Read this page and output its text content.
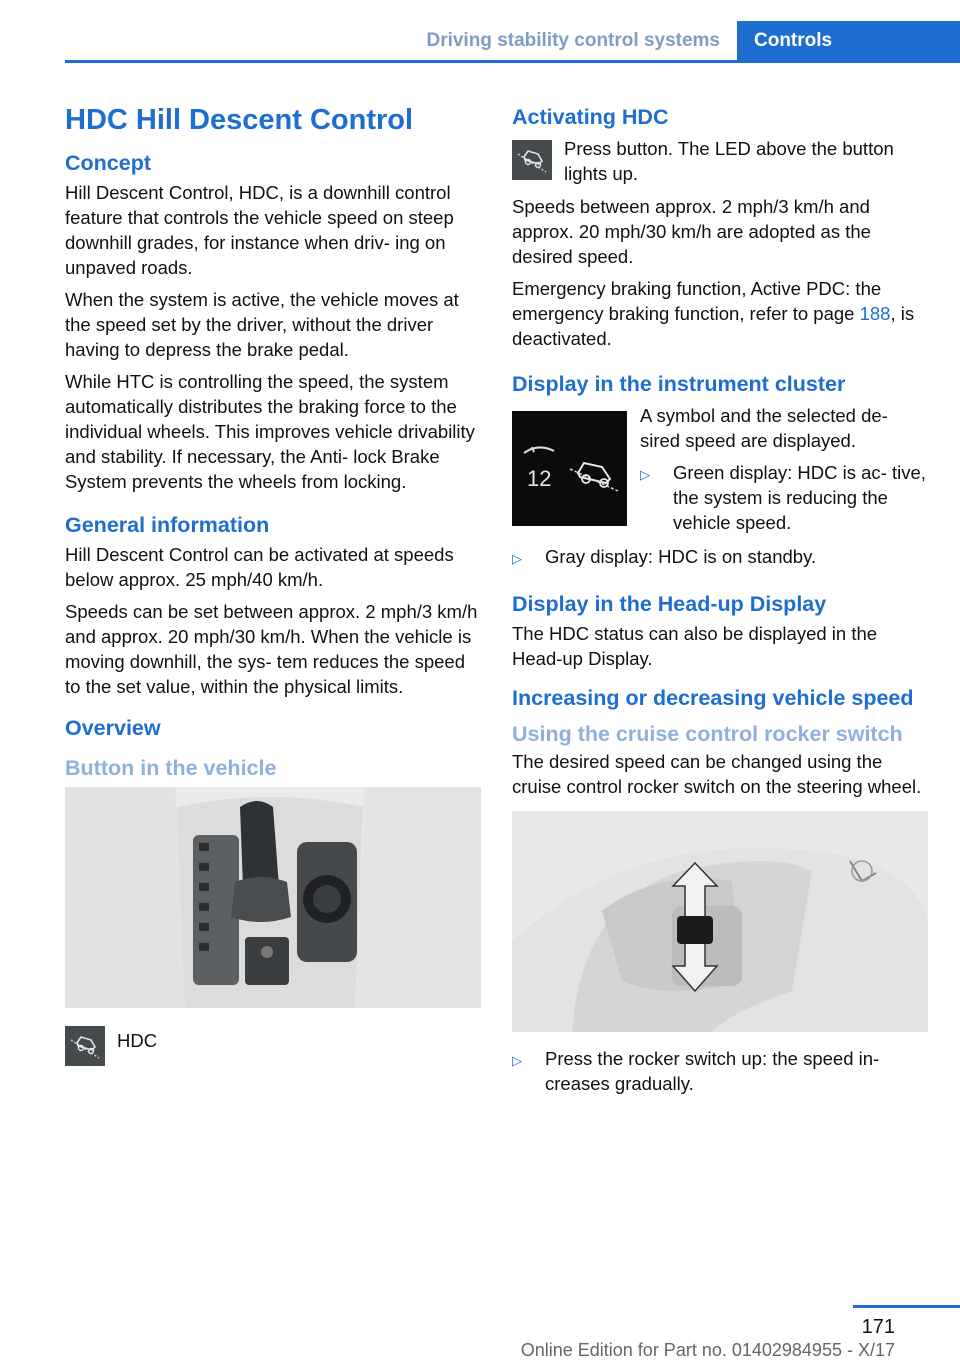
Driving stability control systems	Controls
HDC Hill Descent Control
Concept
Hill Descent Control, HDC, is a downhill control feature that controls the vehicle speed on steep downhill grades, for instance when driv‐ ing on unpaved roads.
When the system is active, the vehicle moves at the speed set by the driver, without the driver having to depress the brake pedal.
While HTC is controlling the speed, the system automatically distributes the braking force to the individual wheels. This improves vehicle drivability and stability. If necessary, the Anti‐ lock Brake System prevents the wheels from locking.
General information
Hill Descent Control can be activated at speeds below approx. 25 mph/40 km/h.
Speeds can be set between approx. 2 mph/3 km/h and approx. 20 mph/30 km/h. When the vehicle is moving downhill, the sys‐ tem reduces the speed to the set value, within the physical limits.
Overview
Button in the vehicle
HDC
Activating HDC
Press button. The LED above the button lights up.
Speeds between approx. 2 mph/3 km/h and approx. 20 mph/30 km/h are adopted as the desired speed.
Emergency braking function, Active PDC: the emergency braking function, refer to page 188, is deactivated.
Display in the instrument cluster
12
A symbol and the selected de‐ sired speed are displayed.
▷	Green display: HDC is ac‐ tive, the system is reducing the vehicle speed.
▷	Gray display: HDC is on standby.
Display in the Head-up Display
The HDC status can also be displayed in the Head-up Display.
Increasing or decreasing vehicle speed
Using the cruise control rocker switch
The desired speed can be changed using the cruise control rocker switch on the steering wheel.
▷	Press the rocker switch up: the speed in‐ creases gradually.
171
Online Edition for Part no. 01402984955 - X/17
